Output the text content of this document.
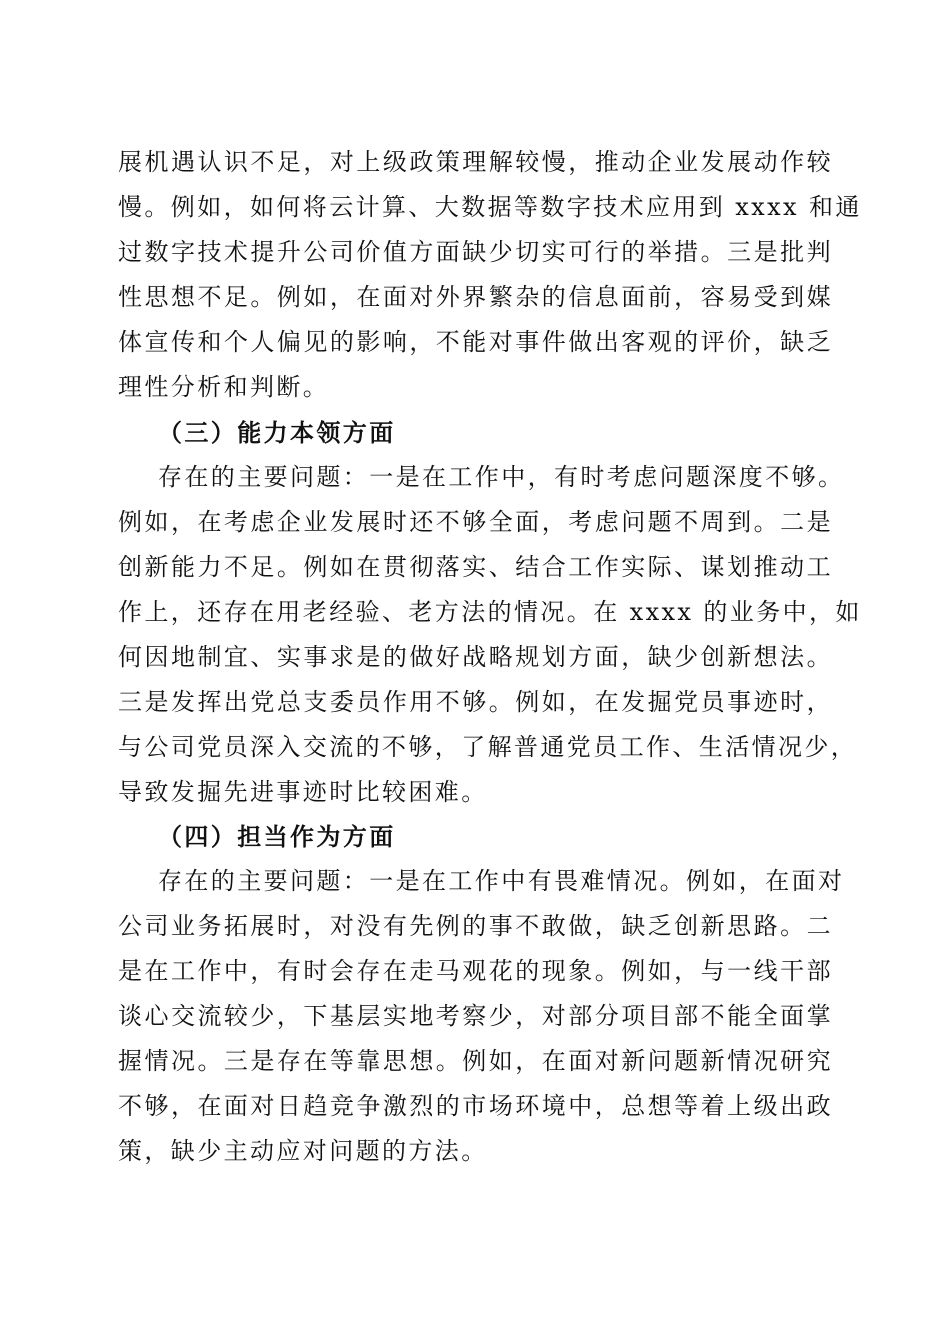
展机遇认识不足，对上级政策理解较慢，推动企业发展动作较
慢。例如，如何将云计算、大数据等数字技术应用到 xxxx 和通
过数字技术提升公司价值方面缺少切实可行的举措。三是批判
性思想不足。例如，在面对外界繁杂的信息面前，容易受到媒
体宣传和个人偏见的影响，不能对事件做出客观的评价，缺乏
理性分析和判断。
（三）能力本领方面
存在的主要问题：一是在工作中，有时考虑问题深度不够。
例如，在考虑企业发展时还不够全面，考虑问题不周到。二是
创新能力不足。例如在贯彻落实、结合工作实际、谋划推动工
作上，还存在用老经验、老方法的情况。在 xxxx 的业务中，如
何因地制宜、实事求是的做好战略规划方面，缺少创新想法。
三是发挥出党总支委员作用不够。例如，在发掘党员事迹时，
与公司党员深入交流的不够，了解普通党员工作、生活情况少，
导致发掘先进事迹时比较困难。
（四）担当作为方面
存在的主要问题：一是在工作中有畏难情况。例如，在面对
公司业务拓展时，对没有先例的事不敢做，缺乏创新思路。二
是在工作中，有时会存在走马观花的现象。例如，与一线干部
谈心交流较少，下基层实地考察少，对部分项目部不能全面掌
握情况。三是存在等靠思想。例如，在面对新问题新情况研究
不够，在面对日趋竞争激烈的市场环境中，总想等着上级出政
策，缺少主动应对问题的方法。
